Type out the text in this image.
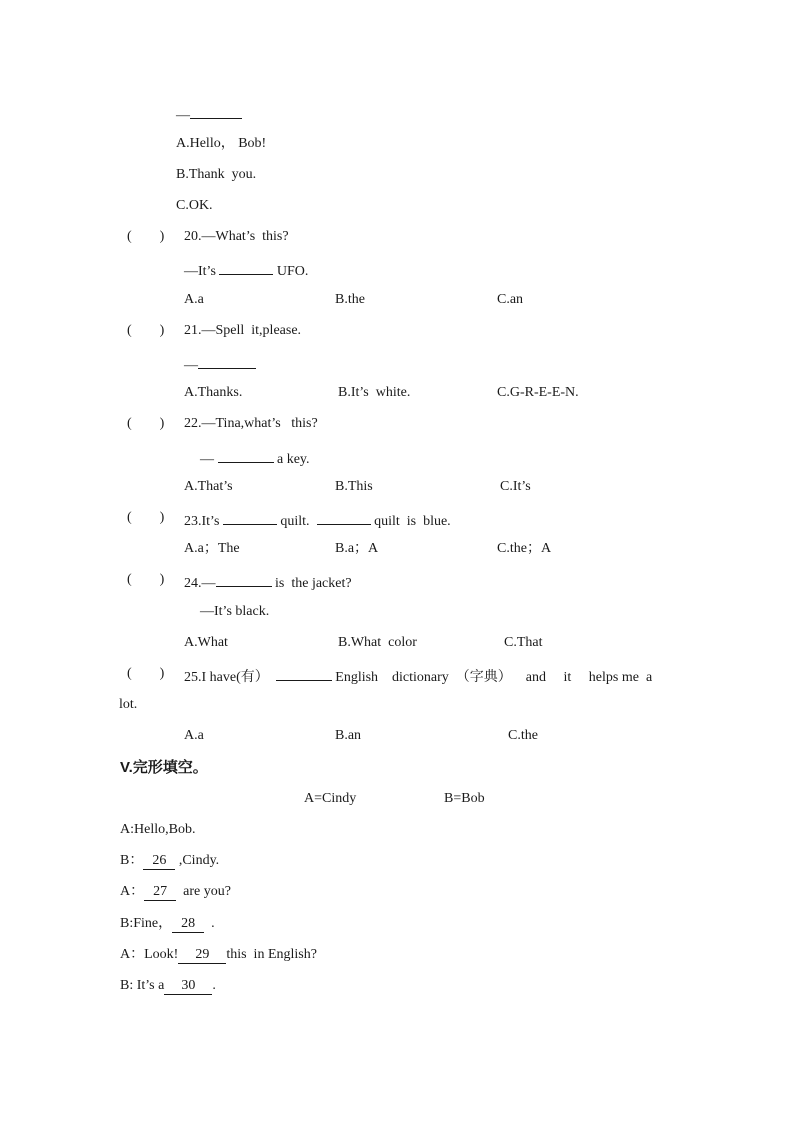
—
A.Hello， Bob!
B.Thank  you.
C.OK.
(        ) 20.—What’s  this?
—It’s	UFO.
A.a	B.the	C.an
(        ) 21.—Spell  it,please.
—
A.Thanks.	B.It’s  white.	C.G-R-E-E-N.
(        ) 22.—Tina,what’s   this?
—	a key.
A.That’s	B.This	C.It’s
(        ) 23.It’s	quilt.	quilt  is  blue.
A.a；The	B.a；A	C.the；A
(        ) 24.—	is  the jacket?
—It’s black.
A.What	B.What  color	C.That
(        ) 25.I have(有）	English    dictionary  （字典）    and     it     helps me  a
lot.
A.a	B.an	C.the
V.完形填空。
A=Cindy	B=Bob
A:Hello,Bob.
B： 26 ,Cindy.
A： 27  are you?
B:Fine， 28  .
A：Look! 29 this  in English?
B: It’s a 30 .
